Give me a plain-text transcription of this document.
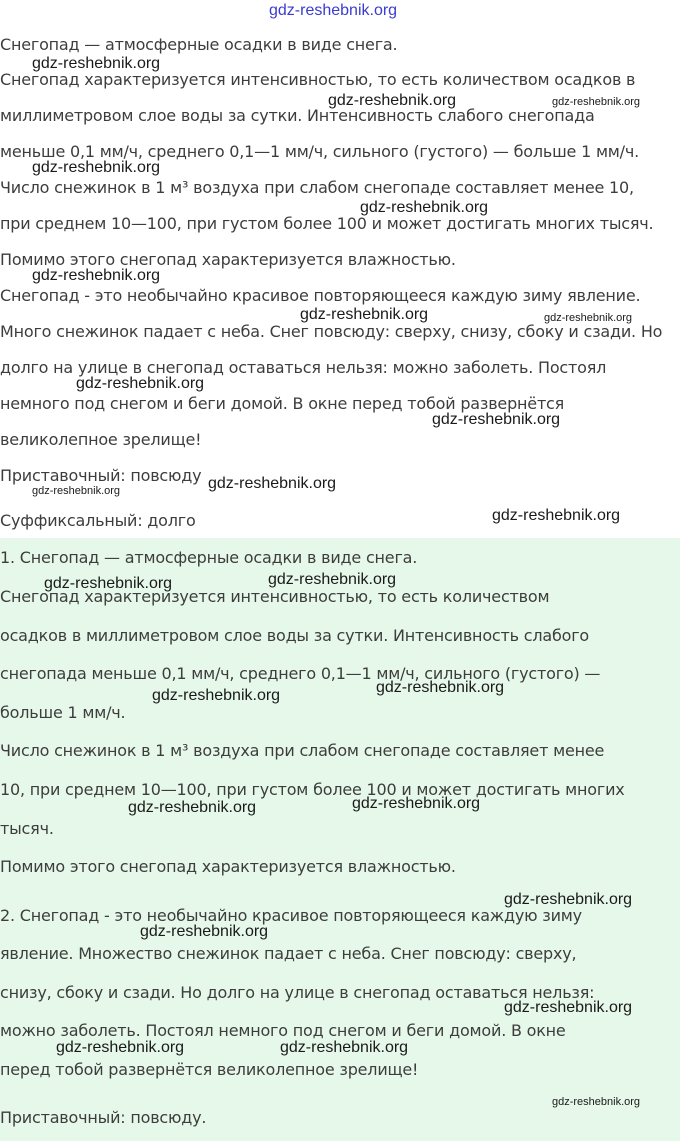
gdz-reshebnik.org
Снегопад — атмосферные осадки в виде снега.
Снегопад характеризуется интенсивностью, то есть количеством осадков в
миллиметровом слое воды за сутки. Интенсивность слабого снегопада
меньше 0,1 мм/ч, среднего 0,1—1 мм/ч, сильного (густого) — больше 1 мм/ч.
Число снежинок в 1 м³ воздуха при слабом снегопаде составляет менее 10,
при среднем 10—100, при густом более 100 и может достигать многих тысяч.
Помимо этого снегопад характеризуется влажностью.
Снегопад - это необычайно красивое повторяющееся каждую зиму явление.
Много снежинок падает с неба. Снег повсюду: сверху, снизу, сбоку и сзади. Но
долго на улице в снегопад оставаться нельзя: можно заболеть. Постоял
немного под снегом и беги домой. В окне перед тобой развернётся
великолепное зрелище!
Приставочный: повсюду
Суффиксальный: долго
1. Снегопад — атмосферные осадки в виде снега.
Снегопад характеризуется интенсивностью, то есть количеством
осадков в миллиметровом слое воды за сутки. Интенсивность слабого
снегопада меньше 0,1 мм/ч, среднего 0,1—1 мм/ч, сильного (густого) —
больше 1 мм/ч.
Число снежинок в 1 м³ воздуха при слабом снегопаде составляет менее
10, при среднем 10—100, при густом более 100 и может достигать многих
тысяч.
Помимо этого снегопад характеризуется влажностью.
2. Снегопад - это необычайно красивое повторяющееся каждую зиму
явление. Множество снежинок падает с неба. Снег повсюду: сверху,
снизу, сбоку и сзади. Но долго на улице в снегопад оставаться нельзя:
можно заболеть. Постоял немного под снегом и беги домой. В окне
перед тобой развернётся великолепное зрелище!
Приставочный: повсюду.
gdz-reshebnik.org
gdz-reshebnik.org	gdz-reshebnik.org
gdz-reshebnik.org
gdz-reshebnik.org
gdz-reshebnik.org
gdz-reshebnik.org	gdz-reshebnik.org
gdz-reshebnik.org
gdz-reshebnik.org
gdz-reshebnik.org	gdz-reshebnik.org
gdz-reshebnik.org
gdz-reshebnik.org	gdz-reshebnik.org
gdz-reshebnik.org	gdz-reshebnik.org
gdz-reshebnik.org	gdz-reshebnik.org
gdz-reshebnik.org
gdz-reshebnik.org
gdz-reshebnik.org
gdz-reshebnik.org	gdz-reshebnik.org
gdz-reshebnik.org
